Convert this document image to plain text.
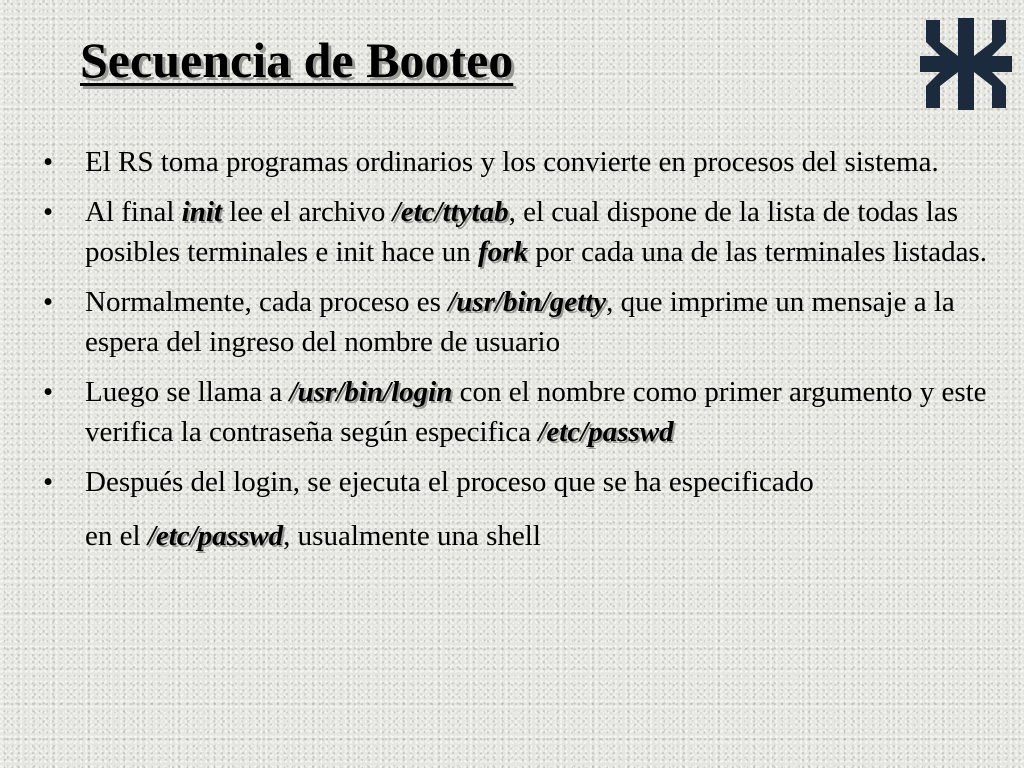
Secuencia de Booteo
• El RS toma programas ordinarios y los convierte en procesos del sistema.
• Al final init lee el archivo /etc/ttytab, el cual dispone de la lista de todas las posibles terminales e init hace un fork por cada una de las terminales listadas.
• Normalmente, cada proceso es /usr/bin/getty, que imprime un mensaje a la espera del ingreso del nombre de usuario
• Luego se llama a /usr/bin/login con el nombre como primer argumento y este verifica la contraseña según especifica /etc/passwd
• Después del login, se ejecuta el proceso que se ha especificado
en el /etc/passwd, usualmente una shell
